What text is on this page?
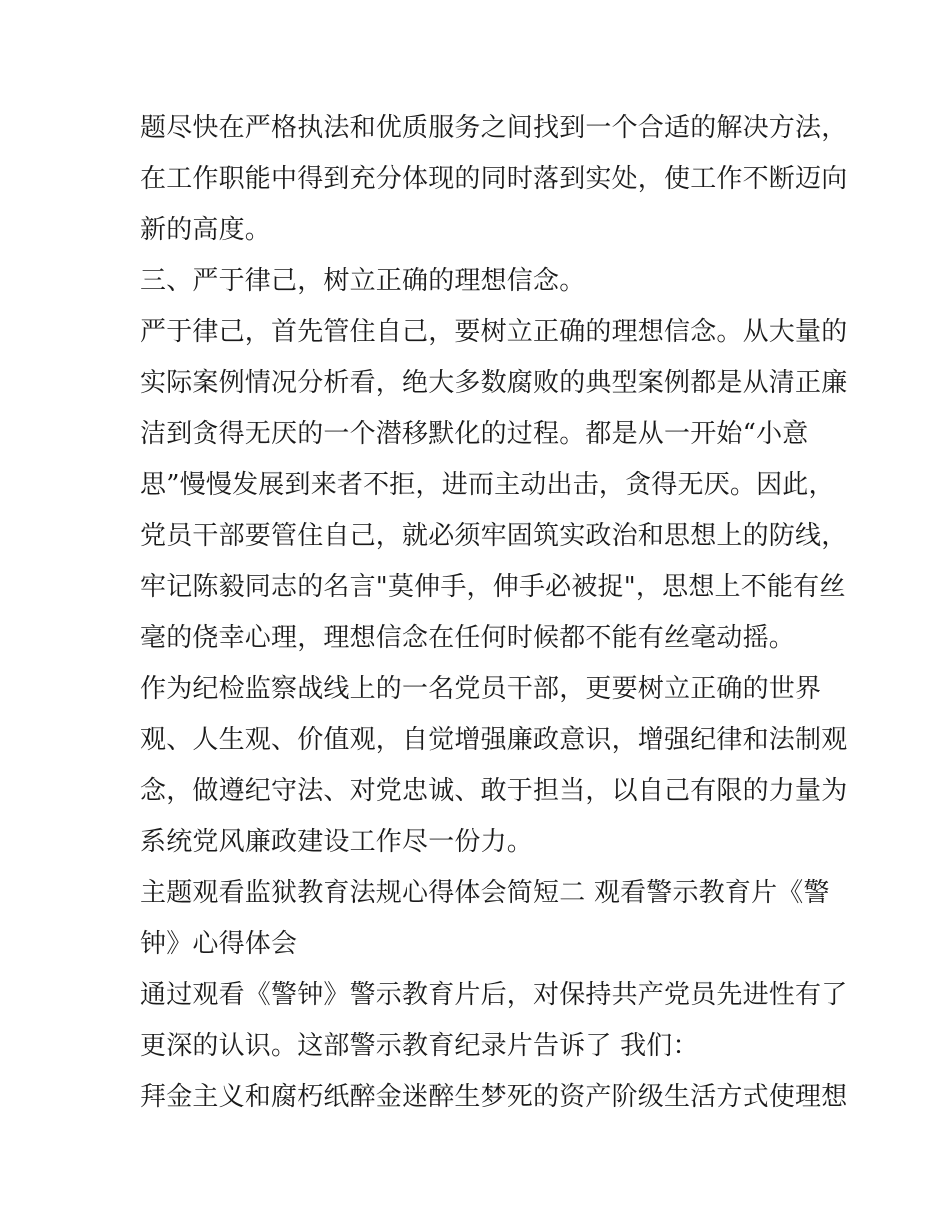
题尽快在严格执法和优质服务之间找到一个合适的解决方法，
在工作职能中得到充分体现的同时落到实处，使工作不断迈向
新的高度。
三、严于律己，树立正确的理想信念。
严于律己，首先管住自己，要树立正确的理想信念。从大量的
实际案例情况分析看，绝大多数腐败的典型案例都是从清正廉
洁到贪得无厌的一个潜移默化的过程。都是从一开始“小意
思”慢慢发展到来者不拒，进而主动出击，贪得无厌。因此，
党员干部要管住自己，就必须牢固筑实政治和思想上的防线，
牢记陈毅同志的名言"莫伸手，伸手必被捉"，思想上不能有丝
毫的侥幸心理，理想信念在任何时候都不能有丝毫动摇。
作为纪检监察战线上的一名党员干部，更要树立正确的世界
观、人生观、价值观，自觉增强廉政意识，增强纪律和法制观
念，做遵纪守法、对党忠诚、敢于担当，以自己有限的力量为
系统党风廉政建设工作尽一份力。
主题观看监狱教育法规心得体会简短二 观看警示教育片《警
钟》心得体会
通过观看《警钟》警示教育片后，对保持共产党员先进性有了
更深的认识。这部警示教育纪录片告诉了 我们：
拜金主义和腐朽纸醉金迷醉生梦死的资产阶级生活方式使理想
